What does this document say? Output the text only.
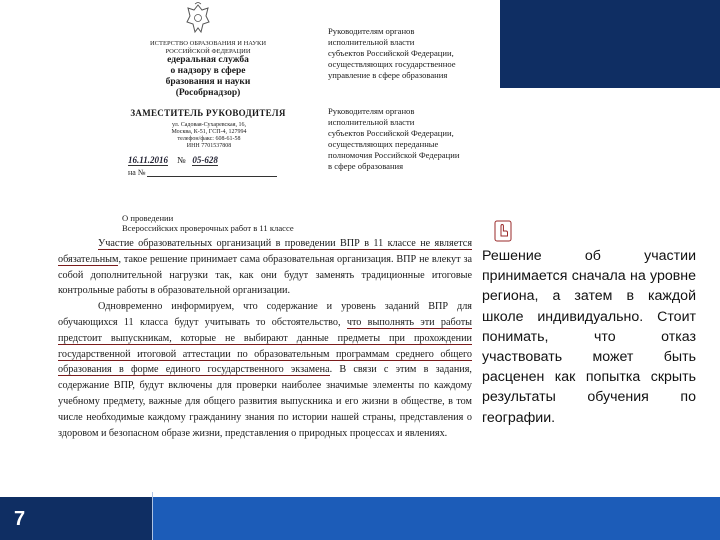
ИСТЕРСТВО ОБРАЗОВАНИЯ И НАУКИ
РОССИЙСКОЙ ФЕДЕРАЦИИ
едеральная служба
о надзору в сфере
бразования и науки
(Рособрнадзор)
ЗАМЕСТИТЕЛЬ РУКОВОДИТЕЛЯ
ул. Садовая-Сухаревская, 16,
Москва, К-51, ГСП-4, 127994
телефон/факс: 608-61-58
ИНН 7701537808
16.11.2016 № 05-628
на №
Руководителям органов
исполнительной власти
субъектов Российской Федерации,
осуществляющих государственное
управление в сфере образования
Руководителям органов
исполнительной власти
субъектов Российской Федерации,
осуществляющих переданные
полномочия Российской Федерации
в сфере образования
О проведении
Всероссийских проверочных работ в 11 классе

Участие образовательных организаций в проведении ВПР в 11 классе не является обязательным, такое решение принимает сама образовательная организация. ВПР не влекут за собой дополнительной нагрузки так, как они будут заменять традиционные итоговые контрольные работы в образовательной организации.

Одновременно информируем, что содержание и уровень заданий ВПР для обучающихся 11 класса будут учитывать то обстоятельство, что выполнять эти работы предстоит выпускникам, которые не выбирают данные предметы при прохождении государственной итоговой аттестации по образовательным программам среднего общего образования в форме единого государственного экзамена. В связи с этим в задания, содержание ВПР, будут включены для проверки наиболее значимые элементы по каждому учебному предмету, важные для общего развития выпускника и его жизни в обществе, в том числе необходимые каждому гражданину знания по истории нашей страны, представления о здоровом и безопасном образе жизни, представления о природных процессах и явлениях.

Решение об участии принимается сначала на уровне региона, а затем в каждой школе индивидуально. Стоит понимать, что отказ участвовать может быть расценен как попытка скрыть результаты обучения по географии.
7
